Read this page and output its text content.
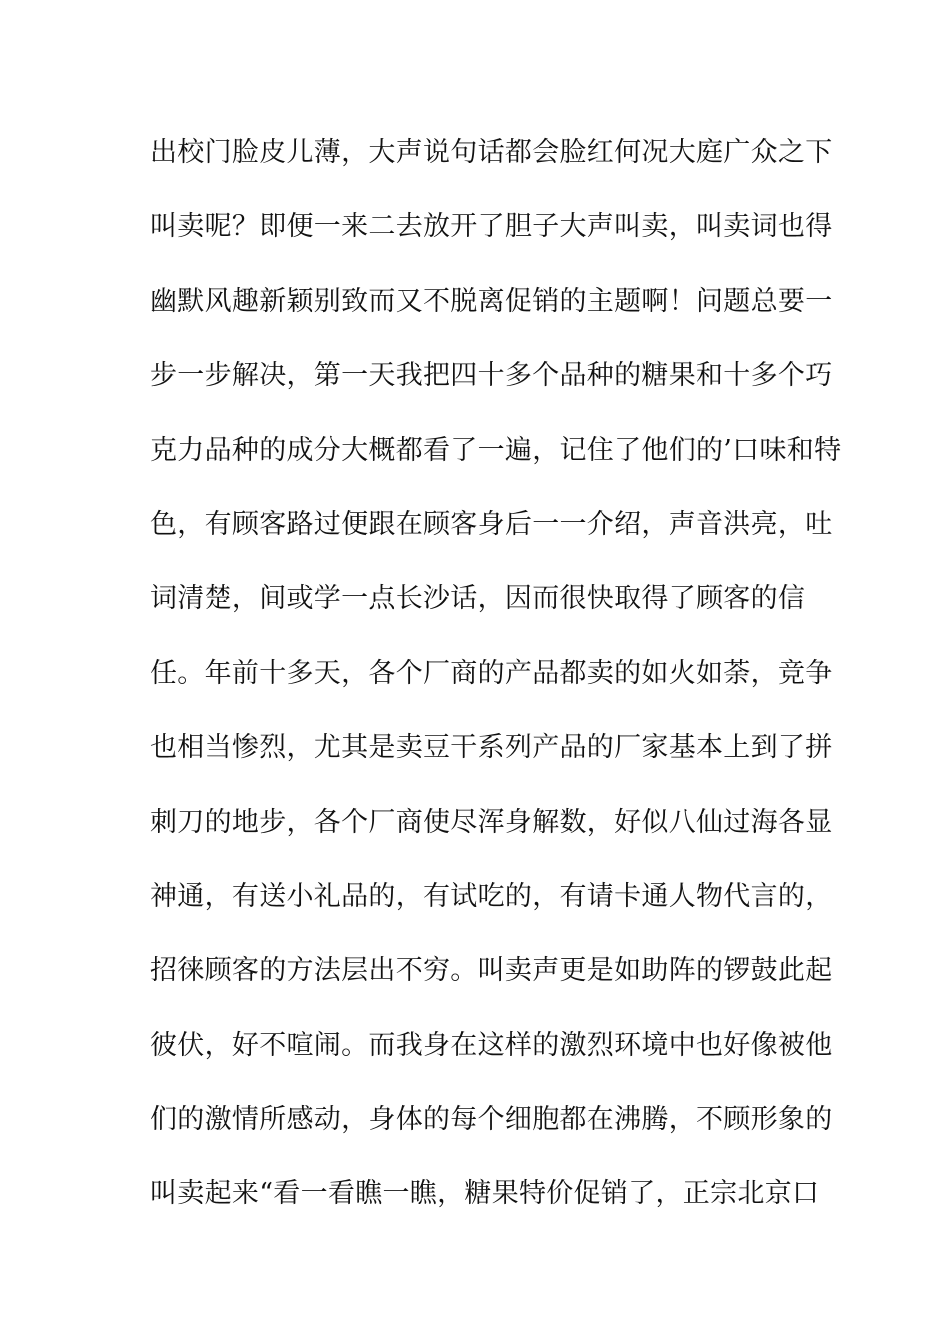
出校门脸皮儿薄，大声说句话都会脸红何况大庭广众之下
叫卖呢？即便一来二去放开了胆子大声叫卖，叫卖词也得
幽默风趣新颖别致而又不脱离促销的主题啊！问题总要一
步一步解决，第一天我把四十多个品种的糖果和十多个巧
克力品种的成分大概都看了一遍，记住了他们的’口味和特
色，有顾客路过便跟在顾客身后一一介绍，声音洪亮，吐
词清楚，间或学一点长沙话，因而很快取得了顾客的信
任。年前十多天，各个厂商的产品都卖的如火如荼，竞争
也相当惨烈，尤其是卖豆干系列产品的厂家基本上到了拼
刺刀的地步，各个厂商使尽浑身解数，好似八仙过海各显
神通，有送小礼品的，有试吃的，有请卡通人物代言的，
招徕顾客的方法层出不穷。叫卖声更是如助阵的锣鼓此起
彼伏，好不喧闹。而我身在这样的激烈环境中也好像被他
们的激情所感动，身体的每个细胞都在沸腾，不顾形象的
叫卖起来“看一看瞧一瞧，糖果特价促销了，正宗北京口
